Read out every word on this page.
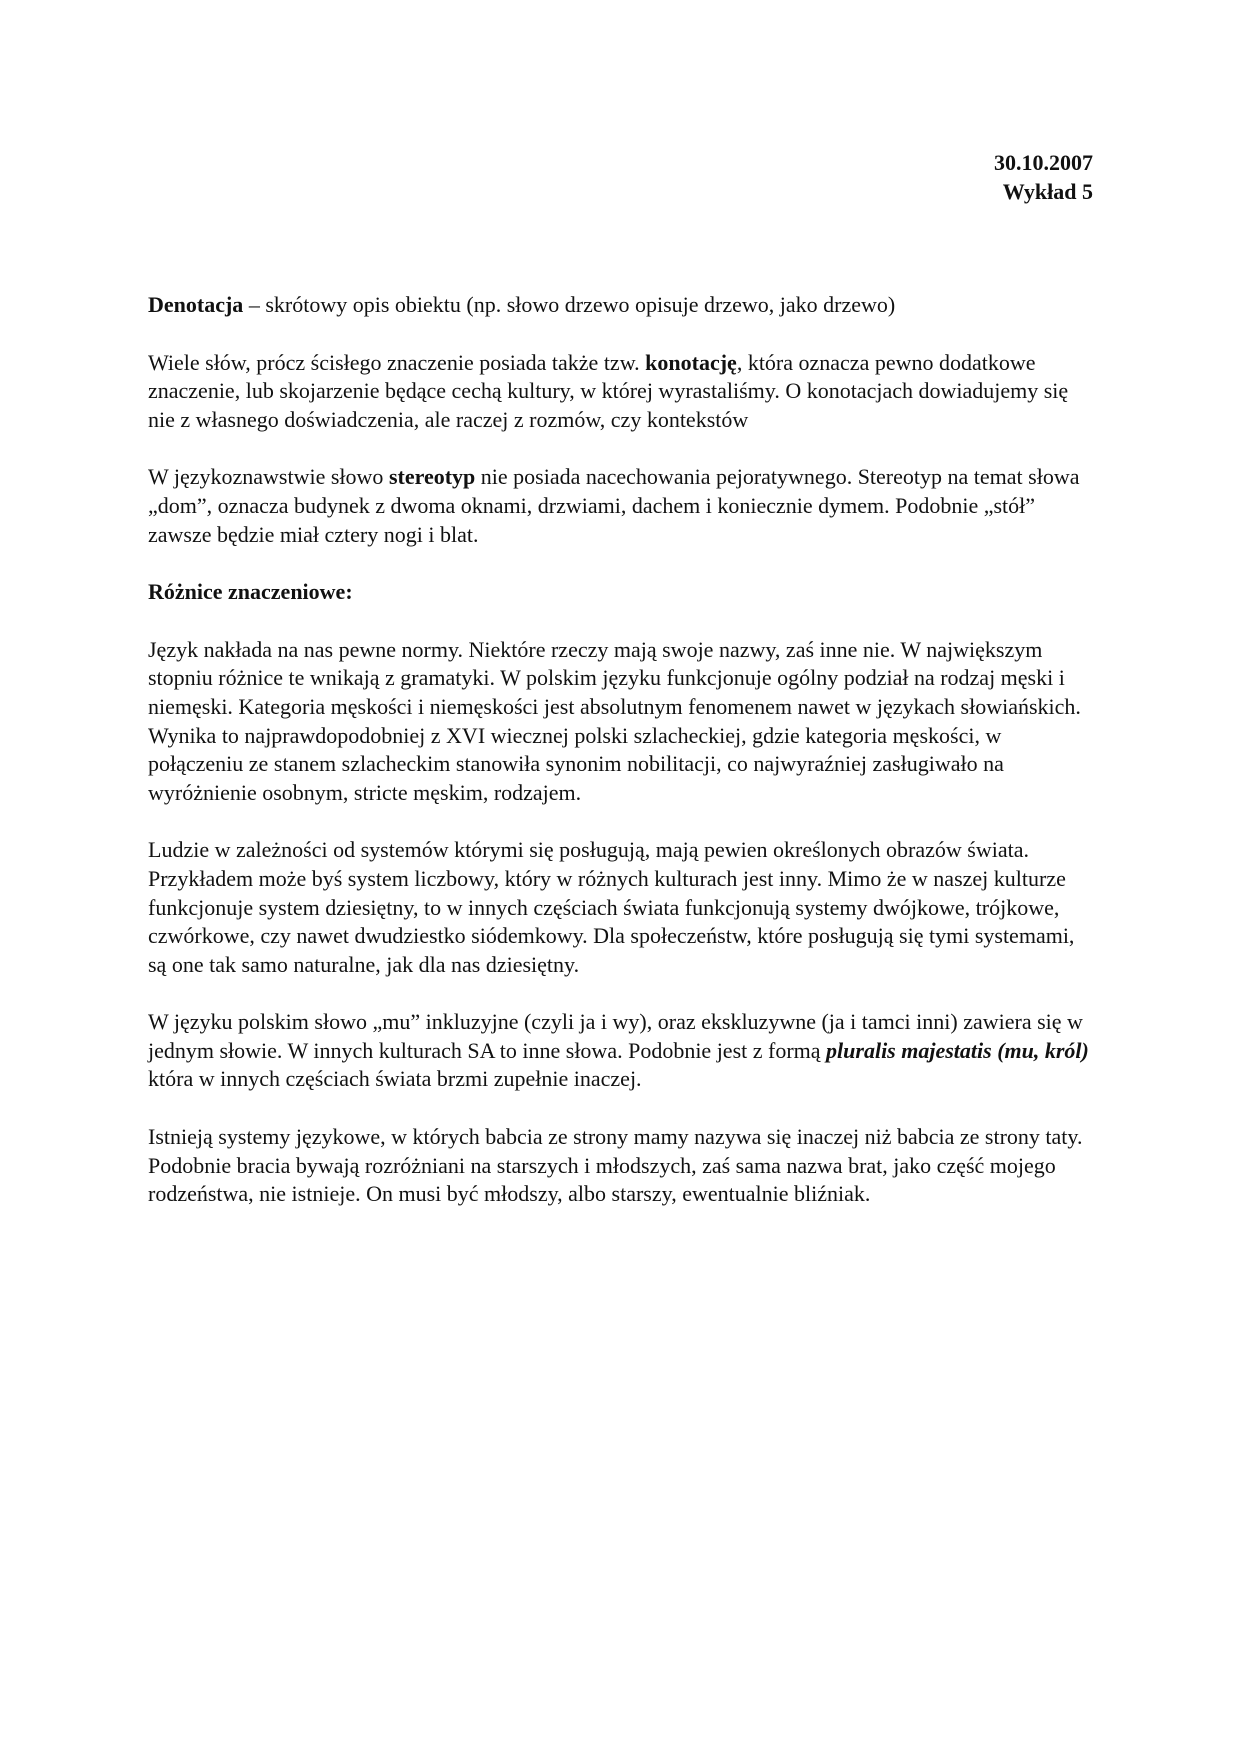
30.10.2007
Wykład 5

Denotacja – skrótowy opis obiektu (np. słowo drzewo opisuje drzewo, jako drzewo)

Wiele słów, prócz ścisłego znaczenie posiada także tzw. konotację, która oznacza pewno dodatkowe znaczenie, lub skojarzenie będące cechą kultury, w której wyrastaliśmy. O konotacjach dowiadujemy się nie z własnego doświadczenia, ale raczej z rozmów, czy kontekstów

W językoznawstwie słowo stereotyp nie posiada nacechowania pejoratywnego. Stereotyp na temat słowa „dom”, oznacza budynek z dwoma oknami, drzwiami, dachem i koniecznie dymem. Podobnie „stół” zawsze będzie miał cztery nogi i blat.

Różnice znaczeniowe:

Język nakłada na nas pewne normy. Niektóre rzeczy mają swoje nazwy, zaś inne nie. W największym stopniu różnice te wnikają z gramatyki. W polskim języku funkcjonuje ogólny podział na rodzaj męski i niemęski. Kategoria męskości i niemęskości jest absolutnym fenomenem nawet w językach słowiańskich. Wynika to najprawdopodobniej z XVI wiecznej polski szlacheckiej, gdzie kategoria męskości, w połączeniu ze stanem szlacheckim stanowiła synonim nobilitacji, co najwyraźniej zasługiwało na wyróżnienie osobnym, stricte męskim, rodzajem.

Ludzie w zależności od systemów którymi się posługują, mają pewien określonych obrazów świata. Przykładem może byś system liczbowy, który w różnych kulturach jest inny. Mimo że w naszej kulturze funkcjonuje system dziesiętny, to w innych częściach świata funkcjonują systemy dwójkowe, trójkowe, czwórkowe, czy nawet dwudziestko siódemkowy. Dla społeczeństw, które posługują się tymi systemami, są one tak samo naturalne, jak dla nas dziesiętny.

W języku polskim słowo „mu” inkluzyjne (czyli ja i wy), oraz ekskluzywne (ja i tamci inni) zawiera się w jednym słowie. W innych kulturach SA to inne słowa. Podobnie jest z formą pluralis majestatis (mu, król) która w innych częściach świata brzmi zupełnie inaczej.

Istnieją systemy językowe, w których babcia ze strony mamy nazywa się inaczej niż babcia ze strony taty. Podobnie bracia bywają rozróżniani na starszych i młodszych, zaś sama nazwa brat, jako część mojego rodzeństwa, nie istnieje. On musi być młodszy, albo starszy, ewentualnie bliźniak.
